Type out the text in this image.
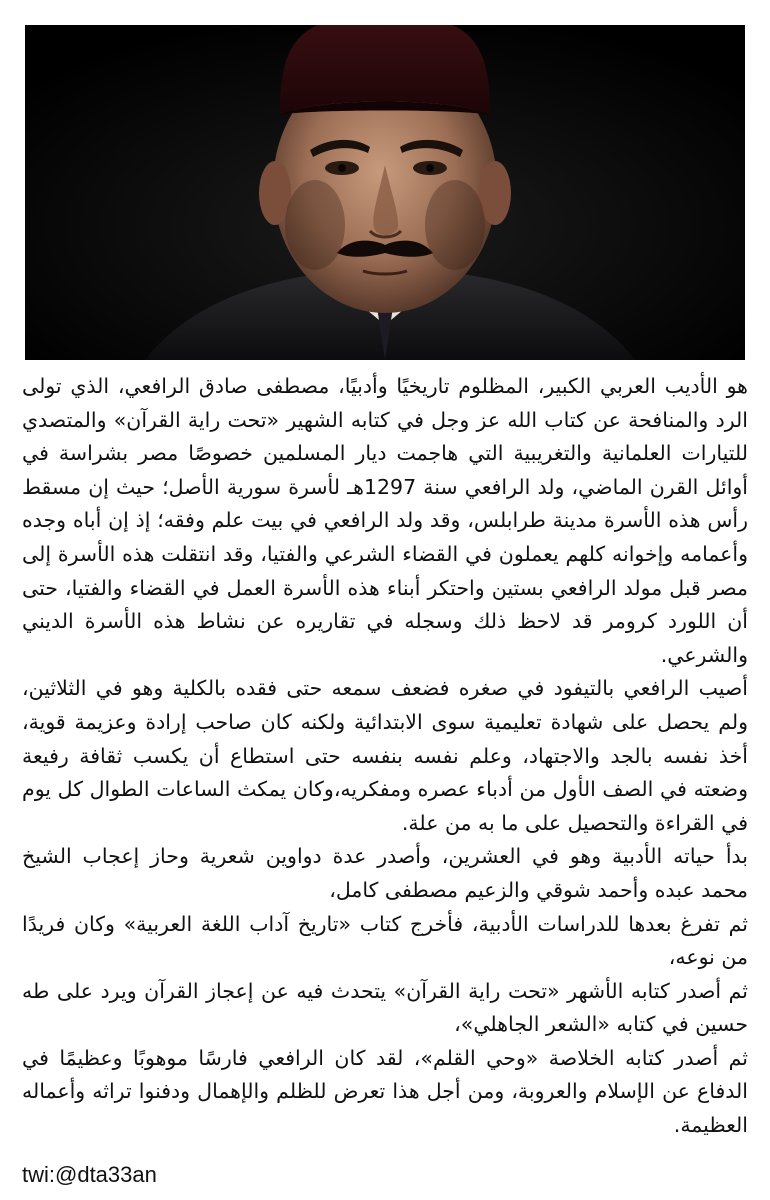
هو الأديب العربي الكبير، المظلوم تاريخيًا وأدبيًا، مصطفى صادق الرافعي، الذي تولى الرد والمنافحة عن كتاب الله عز وجل في كتابه الشهير «تحت راية القرآن» والمتصدي للتيارات العلمانية والتغريبية التي هاجمت ديار المسلمين خصوصًا مصر بشراسة في أوائل القرن الماضي، ولد الرافعي سنة 1297هـ لأسرة سورية الأصل؛ حيث إن مسقط رأس هذه الأسرة مدينة طرابلس، وقد ولد الرافعي في بيت علم وفقه؛ إذ إن أباه وجده وأعمامه وإخوانه كلهم يعملون في القضاء الشرعي والفتيا، وقد انتقلت هذه الأسرة إلى مصر قبل مولد الرافعي بستين واحتكر أبناء هذه الأسرة العمل في القضاء والفتيا، حتى أن اللورد كرومر قد لاحظ ذلك وسجله في تقاريره عن نشاط هذه الأسرة الديني والشرعي.

أصيب الرافعي بالتيفود في صغره فضعف سمعه حتى فقده بالكلية وهو في الثلاثين، ولم يحصل على شهادة تعليمية سوى الابتدائية ولكنه كان صاحب إرادة وعزيمة قوية، أخذ نفسه بالجد والاجتهاد، وعلم نفسه بنفسه حتى استطاع أن يكسب ثقافة رفيعة وضعته في الصف الأول من أدباء عصره ومفكريه،وكان يمكث الساعات الطوال كل يوم في القراءة والتحصيل على ما به من علة.

بدأ حياته الأدبية وهو في العشرين، وأصدر عدة دواوين شعرية وحاز إعجاب الشيخ محمد عبده وأحمد شوقي والزعيم مصطفى كامل،

ثم تفرغ بعدها للدراسات الأدبية، فأخرج كتاب «تاريخ آداب اللغة العربية» وكان فريدًا من نوعه،

ثم أصدر كتابه الأشهر «تحت راية القرآن» يتحدث فيه عن إعجاز القرآن ويرد على طه حسين في كتابه «الشعر الجاهلي»،

ثم أصدر كتابه الخلاصة «وحي القلم»، لقد كان الرافعي فارسًا موهوبًا وعظيمًا في الدفاع عن الإسلام والعروبة، ومن أجل هذا تعرض للظلم والإهمال ودفنوا تراثه وأعماله العظيمة.

twi:@dta33an
